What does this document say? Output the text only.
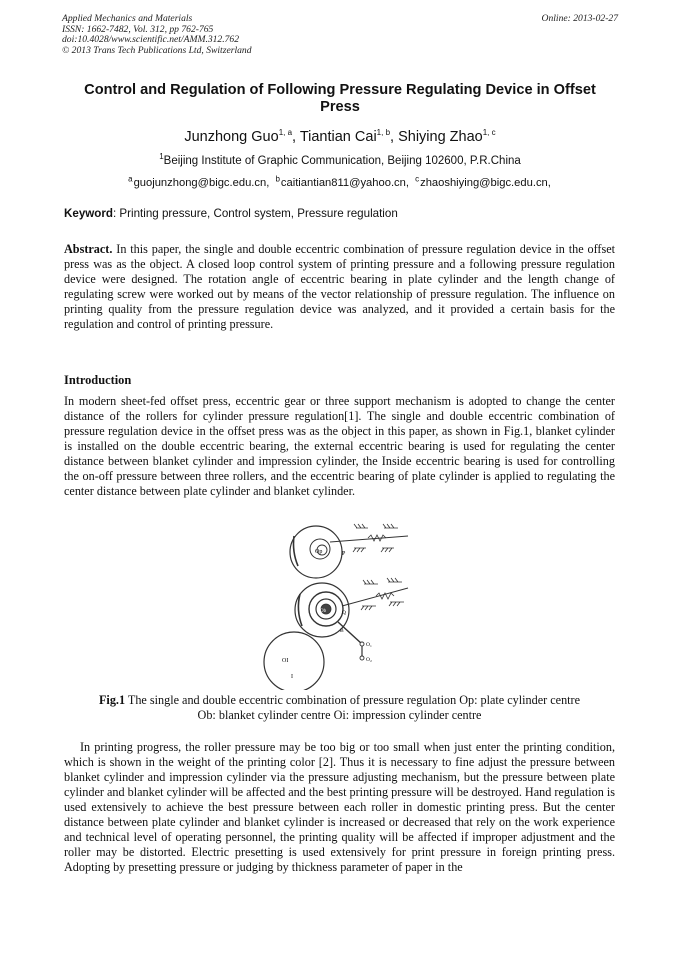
Applied Mechanics and Materials	Online: 2013-02-27
ISSN: 1662-7482, Vol. 312, pp 762-765
doi:10.4028/www.scientific.net/AMM.312.762
© 2013 Trans Tech Publications Ltd, Switzerland
Control and Regulation of Following Pressure Regulating Device in Offset Press
Junzhong Guo$^{1, a}$, Tiantian Cai$^{1, b}$, Shiying Zhao$^{1, c}$
$^1$Beijing Institute of Graphic Communication, Beijing 102600, P.R.China
$^a$guojunzhong@bigc.edu.cn, $^b$caitiantian811@yahoo.cn, $^c$zhaoshiying@bigc.edu.cn,
Keyword: Printing pressure, Control system, Pressure regulation

Abstract. In this paper, the single and double eccentric combination of pressure regulation device in the offset press was as the object. A closed loop control system of printing pressure and a following pressure regulation device were designed. The rotation angle of eccentric bearing in plate cylinder and the length change of regulating screw were worked out by means of the vector relationship of pressure regulation. The influence on printing quality from the pressure regulation device was analyzed, and it provided a certain basis for the regulation and control of printing pressure.

Introduction

In modern sheet-fed offset press, eccentric gear or three support mechanism is adopted to change the center distance of the rollers for cylinder pressure regulation[1]. The single and double eccentric combination of pressure regulation device in the offset press was as the object in this paper, as shown in Fig.1, blanket cylinder is installed on the double eccentric bearing, the external eccentric bearing is used for regulating the center distance between blanket cylinder and impression cylinder, the Inside eccentric bearing is used for controlling the on-off pressure between three rollers, and the eccentric bearing of plate cylinder is applied to regulating the center distance between plate cylinder and blanket cylinder.

Op	P
Ob	Q
B
O₁
O₂
OI
I
Fig.1 The single and double eccentric combination of pressure regulation Op: plate cylinder centre
Ob: blanket cylinder centre Oi: impression cylinder centre

In printing progress, the roller pressure may be too big or too small when just enter the printing condition, which is shown in the weight of the printing color [2]. Thus it is necessary to fine adjust the pressure between blanket cylinder and impression cylinder via the pressure adjusting mechanism, but the pressure between plate cylinder and blanket cylinder will be affected and the best printing pressure will be destroyed. Hand regulation is used extensively to achieve the best pressure between each roller in domestic printing press. But the center distance between plate cylinder and blanket cylinder is increased or decreased that rely on the work experience and technical level of operating personnel, the printing quality will be affected if improper adjustment and the roller may be distorted. Electric presetting is used extensively for print pressure in foreign printing press. Adopting by presetting pressure or judging by thickness parameter of paper in the
